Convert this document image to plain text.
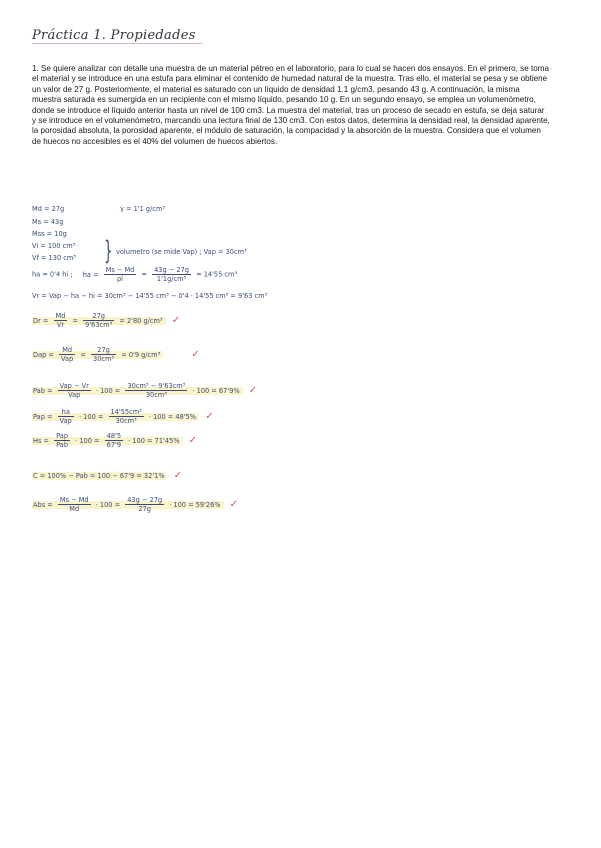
Práctica 1. Propiedades
1. Se quiere analizar con detalle una muestra de un material pétreo en el laboratorio, para lo cual se hacen dos ensayos. En el primero, se toma el material y se introduce en una estufa para eliminar el contenido de humedad natural de la muestra. Tras ello, el material se pesa y se obtiene un valor de 27 g. Posteriormente, el material es saturado con un líquido de densidad 1.1 g/cm3, pesando 43 g. A continuación, la misma muestra saturada es sumergida en un recipiente con el mismo líquido, pesando 10 g. En un segundo ensayo, se emplea un volumenómetro, donde se introduce el líquido anterior hasta un nivel de 100 cm3. La muestra del material, tras un proceso de secado en estufa, se deja saturar y se introduce en el volumenómetro, marcando una lectura final de 130 cm3. Con estos datos, determina la densidad real, la densidad aparente, la porosidad absoluta, la porosidad aparente, el módulo de saturación, la compacidad y la absorción de la muestra. Considera que el volumen de huecos no accesibles es el 40% del volumen de huecos abiertos.
Md = 27g	γ = 1'1 g/cm³
Ms = 43g
Mss = 10g
Vi = 100 cm³
Vf = 130 cm³ } volumetro (se mide Vap) ; Vap = 30cm³
ha = 0'4 hi ; ha = $\frac{Ms - Md}{\rho l} = \frac{43g - 27g}{\text{1'1g/cm³}} = 14'55$ cm³
Vr = Vap − ha − hi = 30cm³ − 14'55 cm³ − 0'4 · 14'55 cm³ = 9'63 cm³
$Dr = \frac{Md}{Vr} = \frac{27g}{\text{9'63cm³}} = 2'80$ g/cm³ ✓
Dap = $\frac{Md}{\text{Vap}} = \frac{27g}{\text{30cm³}} = 0'9$ g/cm³	✓
Pab = $\frac{\text{Vap − Vr}}{\text{Vap}} \cdot 100 = \frac{\text{30cm³ − 9'63cm³}}{\text{30cm³}} \cdot 100 = 67'9\%$ ✓
Pap = $\frac{ha}{\text{Vap}} \cdot 100 = \frac{\text{14'55cm³}}{\text{30cm³}} \cdot 100 = 48'5\%$ ✓
$Hs = \frac{\text{Pap}}{\text{Pab}} \cdot 100 = \frac{48'5}{67'9} \cdot 100 = 71'45\%$ ✓
C = 100% − Pab = 100 − 67'9 = 32'1% ✓
Abs = $\frac{Ms - Md}{Md} \cdot 100 = \frac{43g - 27g}{27g} \cdot 100 = 59'26\%$ ✓
